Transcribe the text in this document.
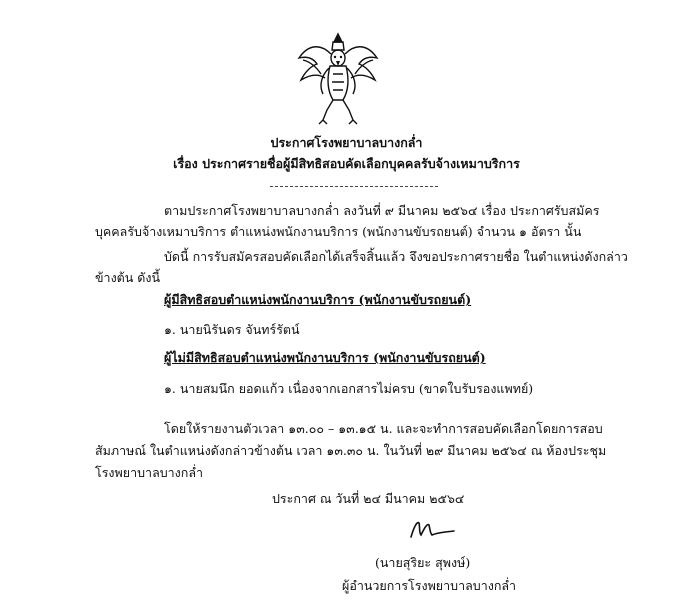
ประกาศโรงพยาบาลบางกล่ำ
เรื่อง ประกาศรายชื่อผู้มีสิทธิสอบคัดเลือกบุคคลรับจ้างเหมาบริการ
ตามประกาศโรงพยาบาลบางกล่ำ ลงวันที่ ๙ มีนาคม ๒๕๖๔ เรื่อง ประกาศรับสมัคร
บุคคลรับจ้างเหมาบริการ ตำแหน่งพนักงานบริการ (พนักงานขับรถยนต์) จำนวน ๑ อัตรา นั้น
บัดนี้ การรับสมัครสอบคัดเลือกได้เสร็จสิ้นแล้ว จึงขอประกาศรายชื่อ ในตำแหน่งดังกล่าว
ข้างต้น ดังนี้
ผู้มีสิทธิสอบตำแหน่งพนักงานบริการ (พนักงานขับรถยนต์)
๑. นายนิรันดร จันทร์รัตน์
ผู้ไม่มีสิทธิสอบตำแหน่งพนักงานบริการ (พนักงานขับรถยนต์)
๑. นายสมนึก ยอดแก้ว เนื่องจากเอกสารไม่ครบ (ขาดใบรับรองแพทย์)
โดยให้รายงานตัวเวลา ๑๓.๐๐ – ๑๓.๑๕ น. และจะทำการสอบคัดเลือกโดยการสอบ
สัมภาษณ์ ในตำแหน่งดังกล่าวข้างต้น เวลา ๑๓.๓๐ น. ในวันที่ ๒๙ มีนาคม ๒๕๖๔ ณ ห้องประชุม
โรงพยาบาลบางกล่ำ
ประกาศ ณ วันที่ ๒๔ มีนาคม ๒๕๖๔
(นายสุริยะ สุพงษ์)
ผู้อำนวยการโรงพยาบาลบางกล่ำ
